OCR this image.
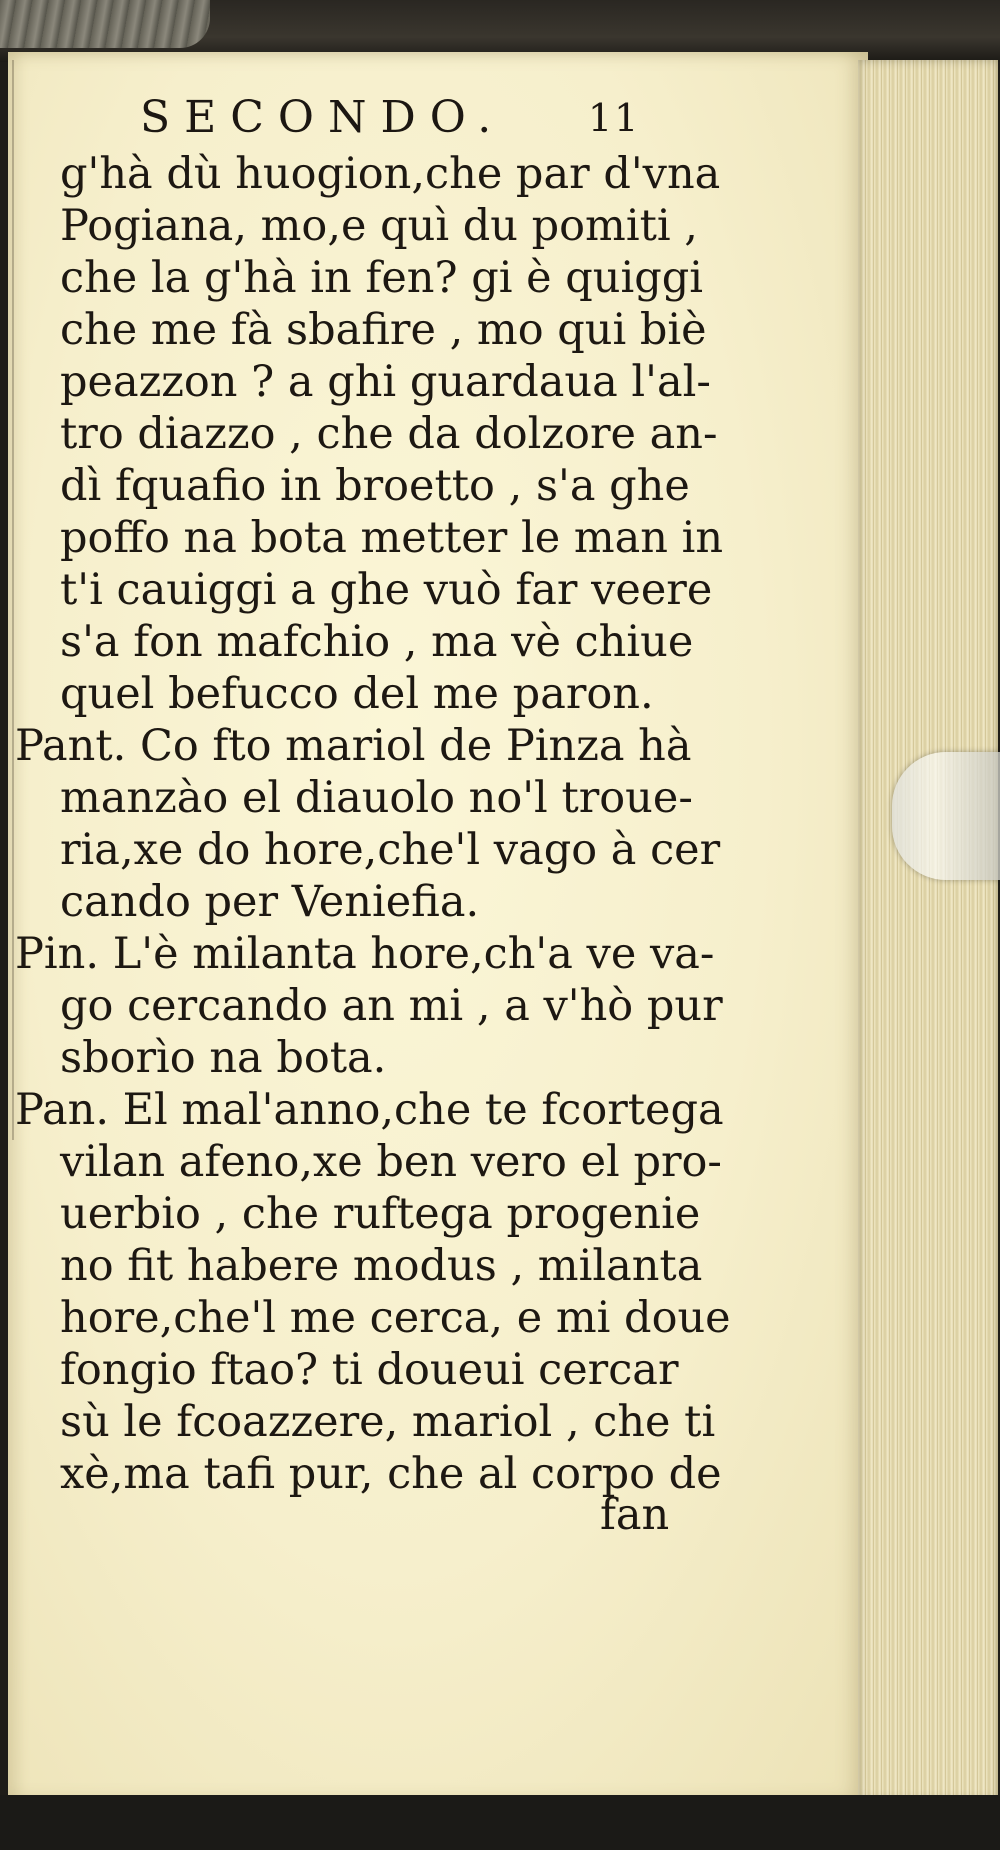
SECONDO. 11
g'hà dù huogion,che par d'vna
Pogiana, mo,e quì du pomiti ,
che la g'hà in fen? gi è quiggi
che me fà sbafire , mo qui biè
peazzon ? a ghi guardaua l'al-
tro diazzo , che da dolzore an-
dì fquafio in broetto , s'a ghe
poffo na bota metter le man in
t'i cauiggi a ghe vuò far veere
s'a fon mafchio , ma vè chiue
quel befucco del me paron.
Pant. Co fto mariol de Pinza hà
manzào el diauolo no'l troue-
ria,xe do hore,che'l vago à cer
cando per Veniefia.
Pin. L'è milanta hore,ch'a ve va-
go cercando an mi , a v'hò pur
sborìo na bota.
Pan. El mal'anno,che te fcortega
vilan afeno,xe ben vero el pro-
uerbio , che ruftega progenie
no fit habere modus , milanta
hore,che'l me cerca, e mi doue
fongio ftao? ti doueui cercar
sù le fcoazzere, mariol , che ti
xè,ma tafi pur, che al corpo de
fan
